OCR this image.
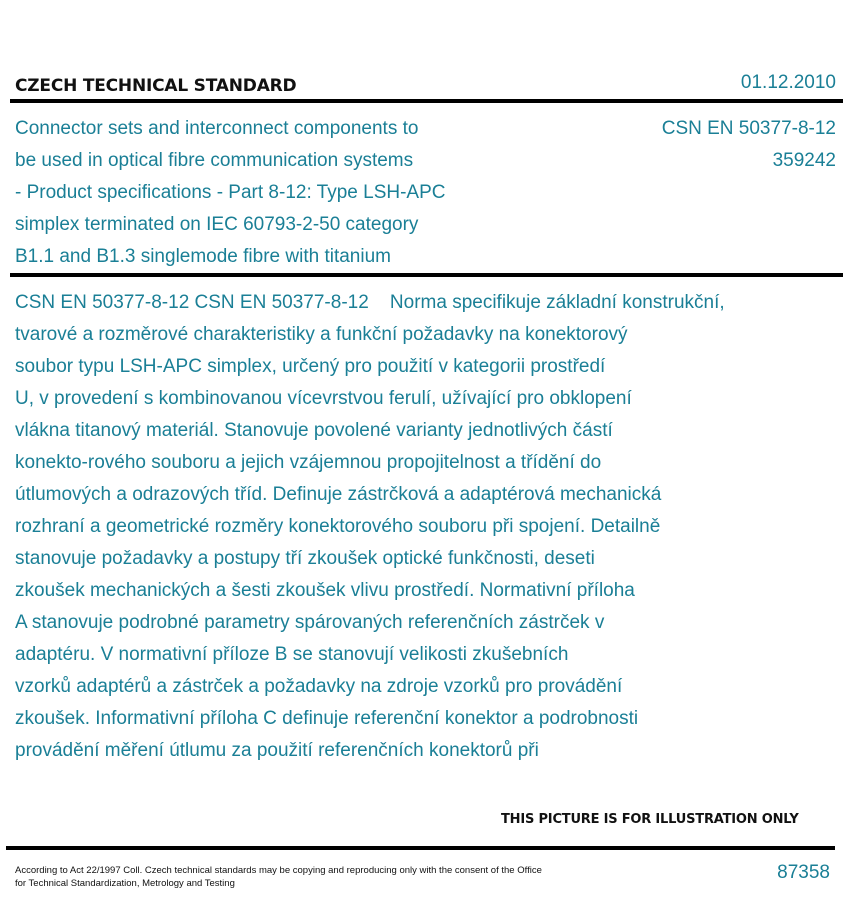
CZECH TECHNICAL STANDARD	01.12.2010
Connector sets and interconnect components to
be used in optical fibre communication systems
- Product specifications - Part 8-12: Type LSH-APC
simplex terminated on IEC 60793-2-50 category
B1.1 and B1.3 singlemode fibre with titanium
CSN EN 50377-8-12
359242
CSN EN 50377-8-12 CSN EN 50377-8-12    Norma specifikuje základní konstrukční,
tvarové a rozměrové charakteristiky a funkční požadavky na konektorový
soubor typu LSH-APC simplex, určený pro použití v kategorii prostředí
U, v provedení s kombinovanou vícevrstvou ferulí, užívající pro obklopení
vlákna titanový materiál. Stanovuje povolené varianty jednotlivých částí
konekto-rového souboru a jejich vzájemnou propojitelnost a třídění do
útlumových a odrazových tříd. Definuje zástrčková a adaptérová mechanická
rozhraní a geometrické rozměry konektorového souboru při spojení. Detailně
stanovuje požadavky a postupy tří zkoušek optické funkčnosti, deseti
zkoušek mechanických a šesti zkoušek vlivu prostředí. Normativní příloha
A stanovuje podrobné parametry spárovaných referenčních zástrček v
adaptéru. V normativní příloze B se stanovují velikosti zkušebních
vzorků adaptérů a zástrček a požadavky na zdroje vzorků pro provádění
zkoušek. Informativní příloha C definuje referenční konektor a podrobnosti
provádění měření útlumu za použití referenčních konektorů při
THIS PICTURE IS FOR ILLUSTRATION ONLY
According to Act 22/1997 Coll. Czech technical standards may be copying and reproducing only with the consent of the Office
for Technical Standardization, Metrology and Testing
87358
